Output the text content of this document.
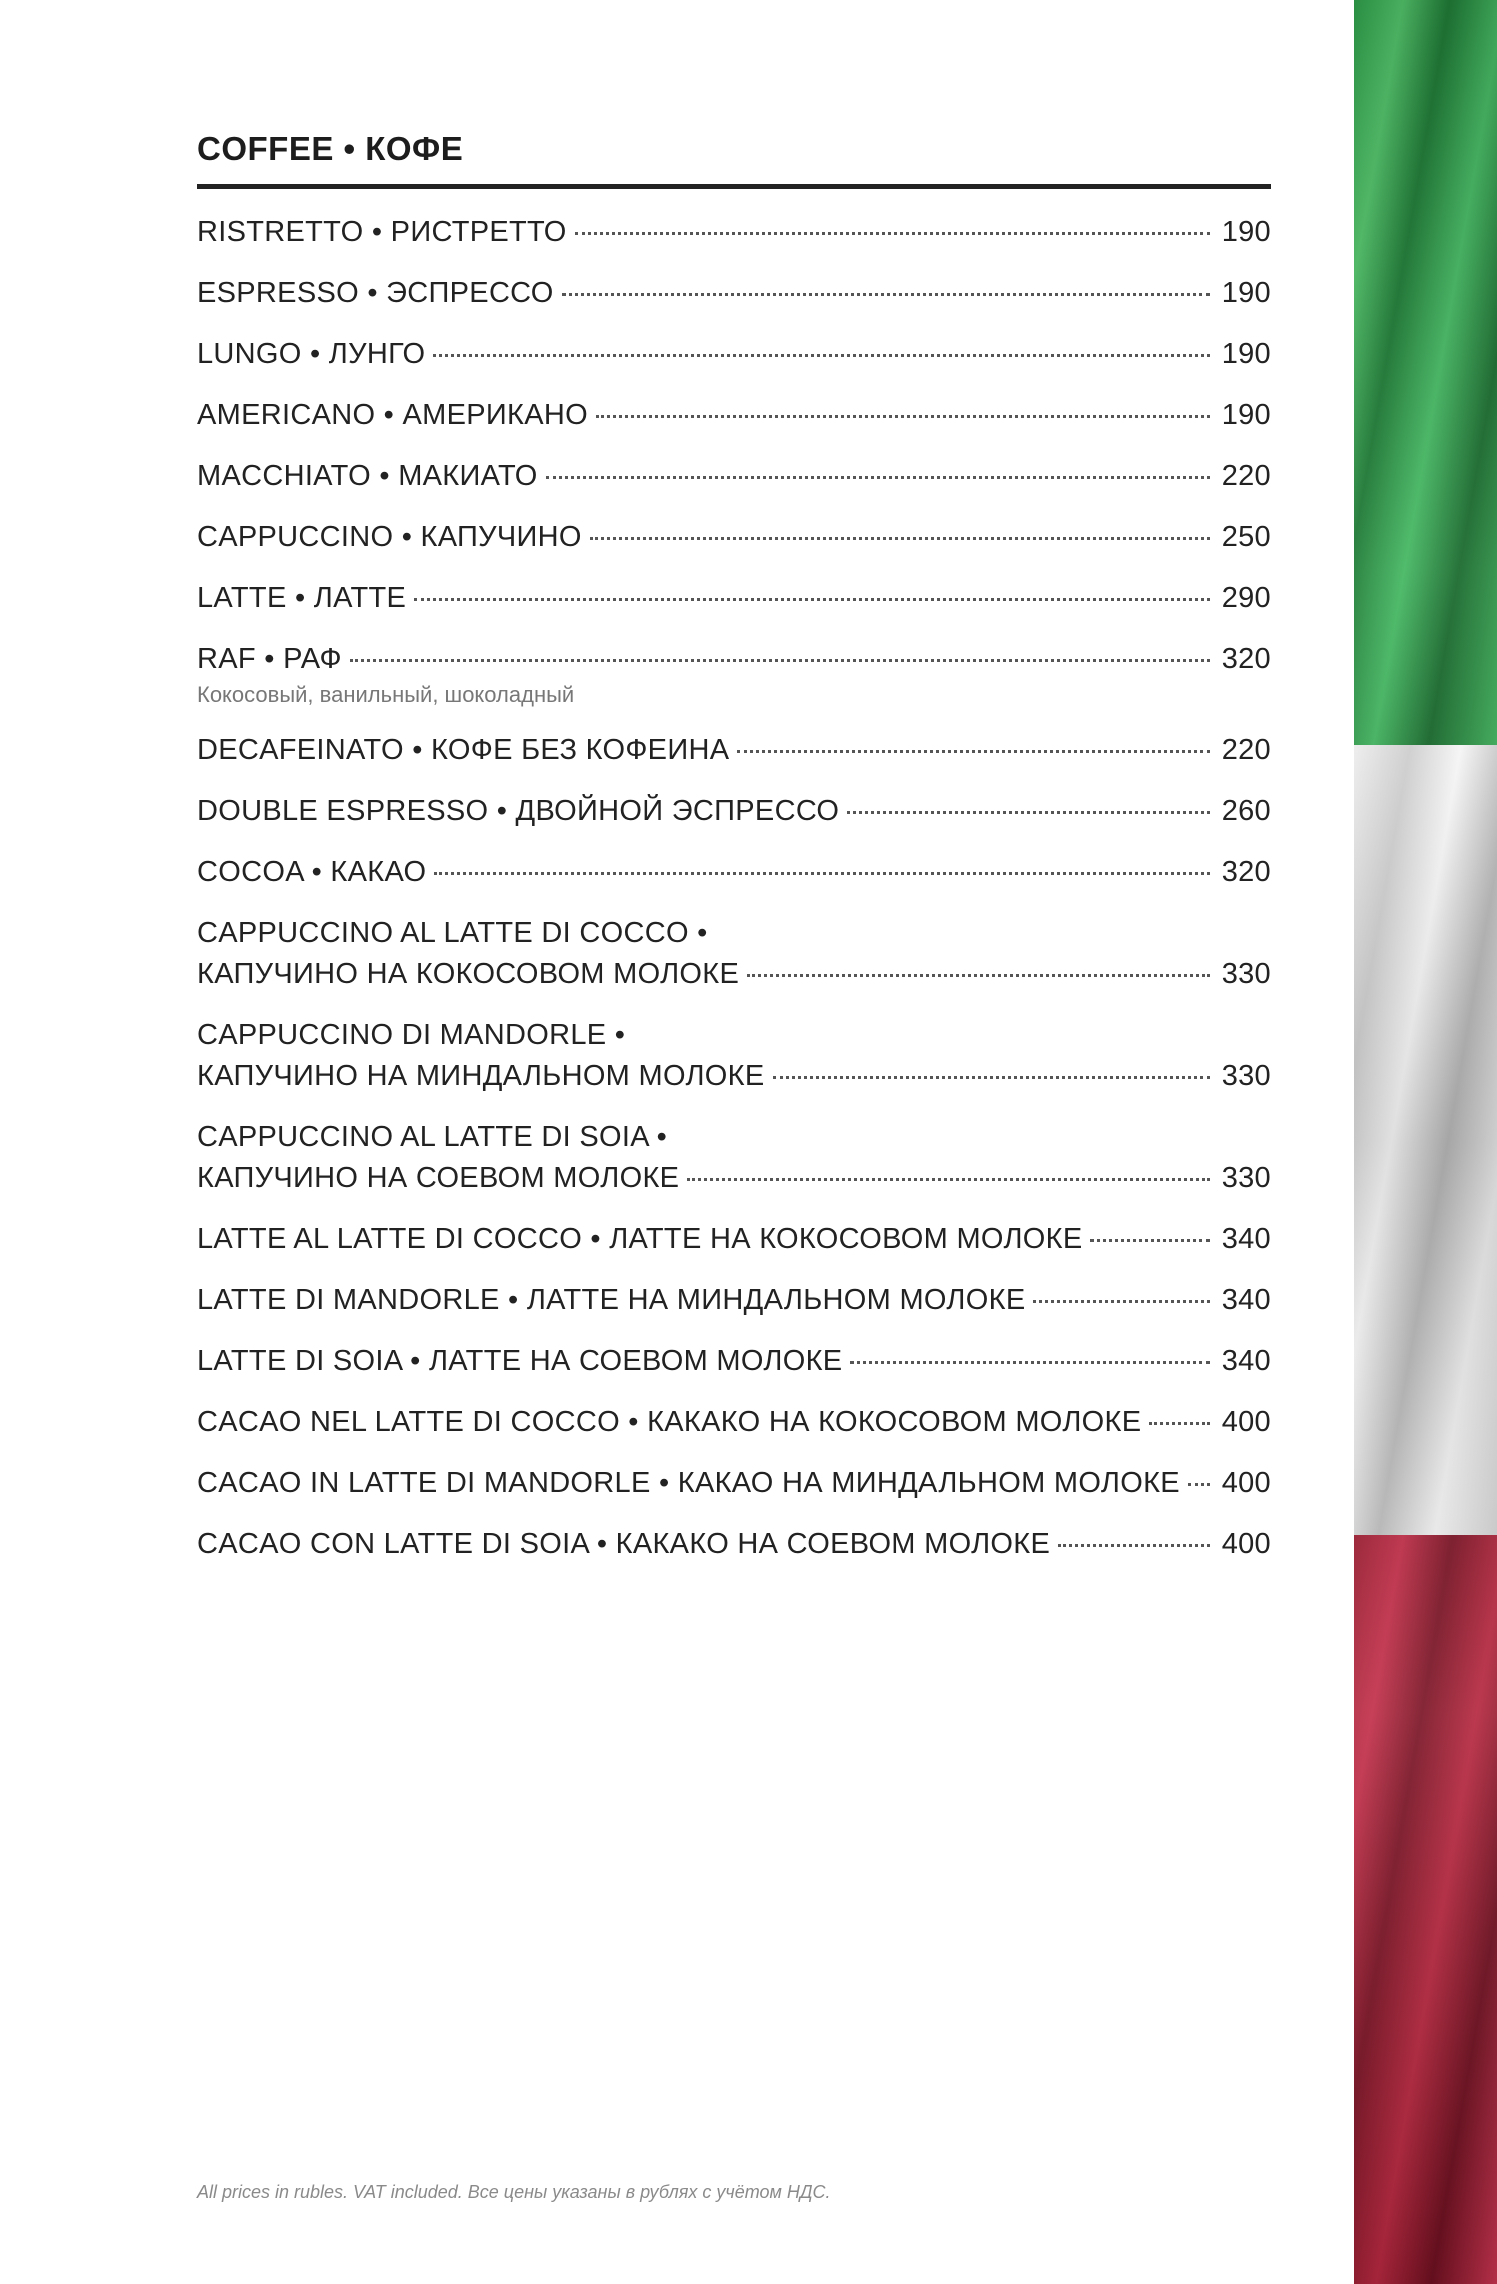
COFFEE • КОФЕ
RISTRETTO • РИСТРЕТТО	190
ESPRESSO • ЭСПРЕССО	190
LUNGO • ЛУНГО	190
AMERICANO • АМЕРИКАНО	190
MACCHIATO • МАКИАТО	220
CAPPUCCINO • КАПУЧИНО	250
LATTE • ЛАТТЕ	290
RAF • РАФ	320
Кокосовый, ванильный, шоколадный
DECAFEINATO • КОФЕ БЕЗ КОФЕИНА	220
DOUBLE ESPRESSO • ДВОЙНОЙ ЭСПРЕССО	260
COCOA • КАКАО	320
CAPPUCCINO AL LATTE DI COCCO •
КАПУЧИНО НА КОКОСОВОМ МОЛОКЕ	330
CAPPUCCINO DI MANDORLE •
КАПУЧИНО НА МИНДАЛЬНОМ МОЛОКЕ	330
CAPPUCCINO AL LATTE DI SOIA •
КАПУЧИНО НА СОЕВОМ МОЛОКЕ	330
LATTE AL LATTE DI COCCO • ЛАТТЕ НА КОКОСОВОМ МОЛОКЕ	340
LATTE DI MANDORLE • ЛАТТЕ НА МИНДАЛЬНОМ МОЛОКЕ	340
LATTE DI SOIA • ЛАТТЕ НА СОЕВОМ МОЛОКЕ	340
CACAO NEL LATTE DI COCCO • КАКАКО НА КОКОСОВОМ МОЛОКЕ	400
CACAO IN LATTE DI MANDORLE • КАКАО НА МИНДАЛЬНОМ МОЛОКЕ 400
CACAO CON LATTE DI SOIA • КАКАКО НА СОЕВОМ МОЛОКЕ	400
All prices in rubles. VAT included. Все цены указаны в рублях с учётом НДС.
